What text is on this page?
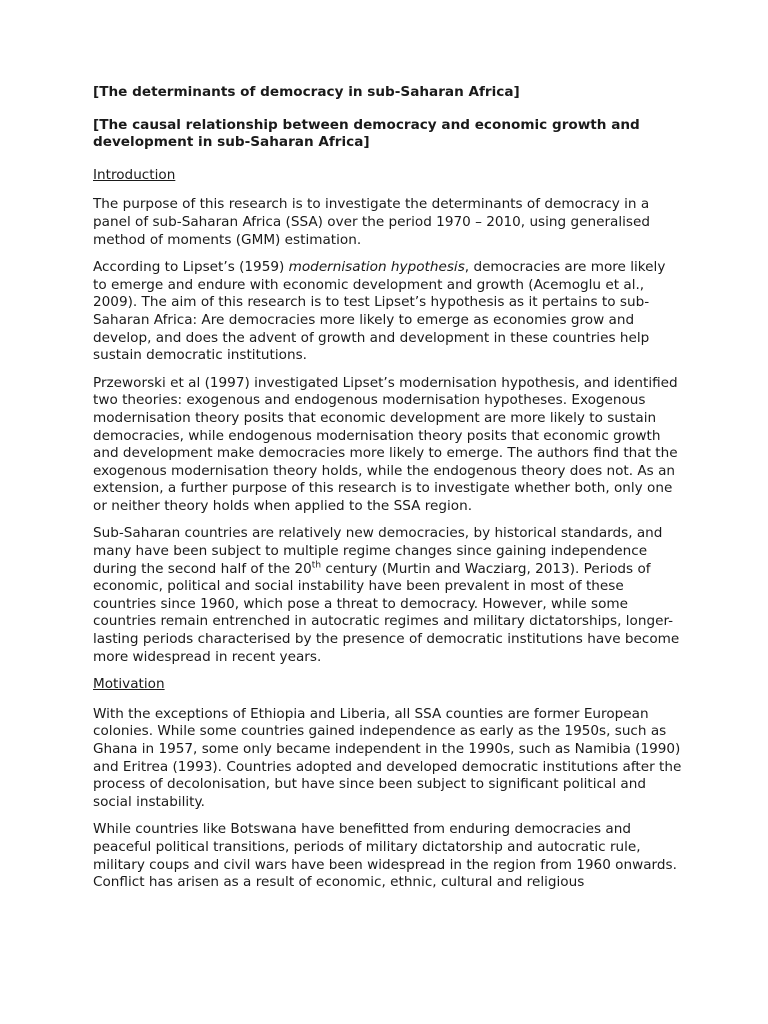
[The determinants of democracy in sub-Saharan Africa]
[The causal relationship between democracy and economic growth and development in sub-Saharan Africa]
Introduction

The purpose of this research is to investigate the determinants of democracy in a panel of sub-Saharan Africa (SSA) over the period 1970 – 2010, using generalised method of moments (GMM) estimation.

According to Lipset’s (1959) modernisation hypothesis, democracies are more likely to emerge and endure with economic development and growth (Acemoglu et al., 2009). The aim of this research is to test Lipset’s hypothesis as it pertains to sub-Saharan Africa: Are democracies more likely to emerge as economies grow and develop, and does the advent of growth and development in these countries help sustain democratic institutions.

Przeworski et al (1997) investigated Lipset’s modernisation hypothesis, and identified two theories: exogenous and endogenous modernisation hypotheses. Exogenous modernisation theory posits that economic development are more likely to sustain democracies, while endogenous modernisation theory posits that economic growth and development make democracies more likely to emerge. The authors find that the exogenous modernisation theory holds, while the endogenous theory does not. As an extension, a further purpose of this research is to investigate whether both, only one or neither theory holds when applied to the SSA region.

Sub-Saharan countries are relatively new democracies, by historical standards, and many have been subject to multiple regime changes since gaining independence during the second half of the 20th century (Murtin and Wacziarg, 2013). Periods of economic, political and social instability have been prevalent in most of these countries since 1960, which pose a threat to democracy. However, while some countries remain entrenched in autocratic regimes and military dictatorships, longer-lasting periods characterised by the presence of democratic institutions have become more widespread in recent years.

Motivation

With the exceptions of Ethiopia and Liberia, all SSA counties are former European colonies. While some countries gained independence as early as the 1950s, such as Ghana in 1957, some only became independent in the 1990s, such as Namibia (1990) and Eritrea (1993). Countries adopted and developed democratic institutions after the process of decolonisation, but have since been subject to significant political and social instability.

While countries like Botswana have benefitted from enduring democracies and peaceful political transitions, periods of military dictatorship and autocratic rule, military coups and civil wars have been widespread in the region from 1960 onwards. Conflict has arisen as a result of economic, ethnic, cultural and religious
